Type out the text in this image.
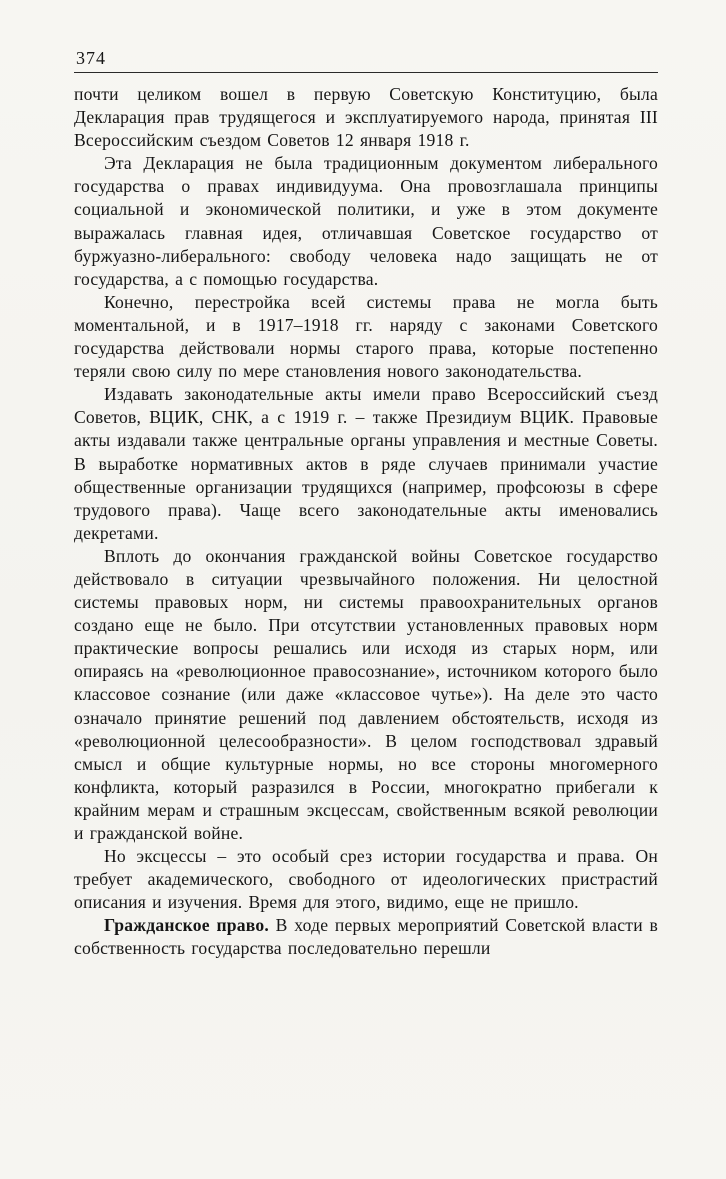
374

почти целиком вошел в первую Советскую Конституцию, была Декларация прав трудящегося и эксплуатируемого народа, принятая III Всероссийским съездом Советов 12 января 1918 г.

Эта Декларация не была традиционным документом либерального государства о правах индивидуума. Она провозглашала принципы социальной и экономической политики, и уже в этом документе выражалась главная идея, отличавшая Советское государство от буржуазно-либерального: свободу человека надо защищать не от государства, а с помощью государства.

Конечно, перестройка всей системы права не могла быть моментальной, и в 1917–1918 гг. наряду с законами Советского государства действовали нормы старого права, которые постепенно теряли свою силу по мере становления нового законодательства.

Издавать законодательные акты имели право Всероссийский съезд Советов, ВЦИК, СНК, а с 1919 г. – также Президиум ВЦИК. Правовые акты издавали также центральные органы управления и местные Советы. В выработке нормативных актов в ряде случаев принимали участие общественные организации трудящихся (например, профсоюзы в сфере трудового права). Чаще всего законодательные акты именовались декретами.

Вплоть до окончания гражданской войны Советское государство действовало в ситуации чрезвычайного положения. Ни целостной системы правовых норм, ни системы правоохранительных органов создано еще не было. При отсутствии установленных правовых норм практические вопросы решались или исходя из старых норм, или опираясь на «революционное правосознание», источником которого было классовое сознание (или даже «классовое чутье»). На деле это часто означало принятие решений под давлением обстоятельств, исходя из «революционной целесообразности». В целом господствовал здравый смысл и общие культурные нормы, но все стороны многомерного конфликта, который разразился в России, многократно прибегали к крайним мерам и страшным эксцессам, свойственным всякой революции и гражданской войне.

Но эксцессы – это особый срез истории государства и права. Он требует академического, свободного от идеологических пристрастий описания и изучения. Время для этого, видимо, еще не пришло.

Гражданское право. В ходе первых мероприятий Советской власти в собственность государства последовательно перешли
